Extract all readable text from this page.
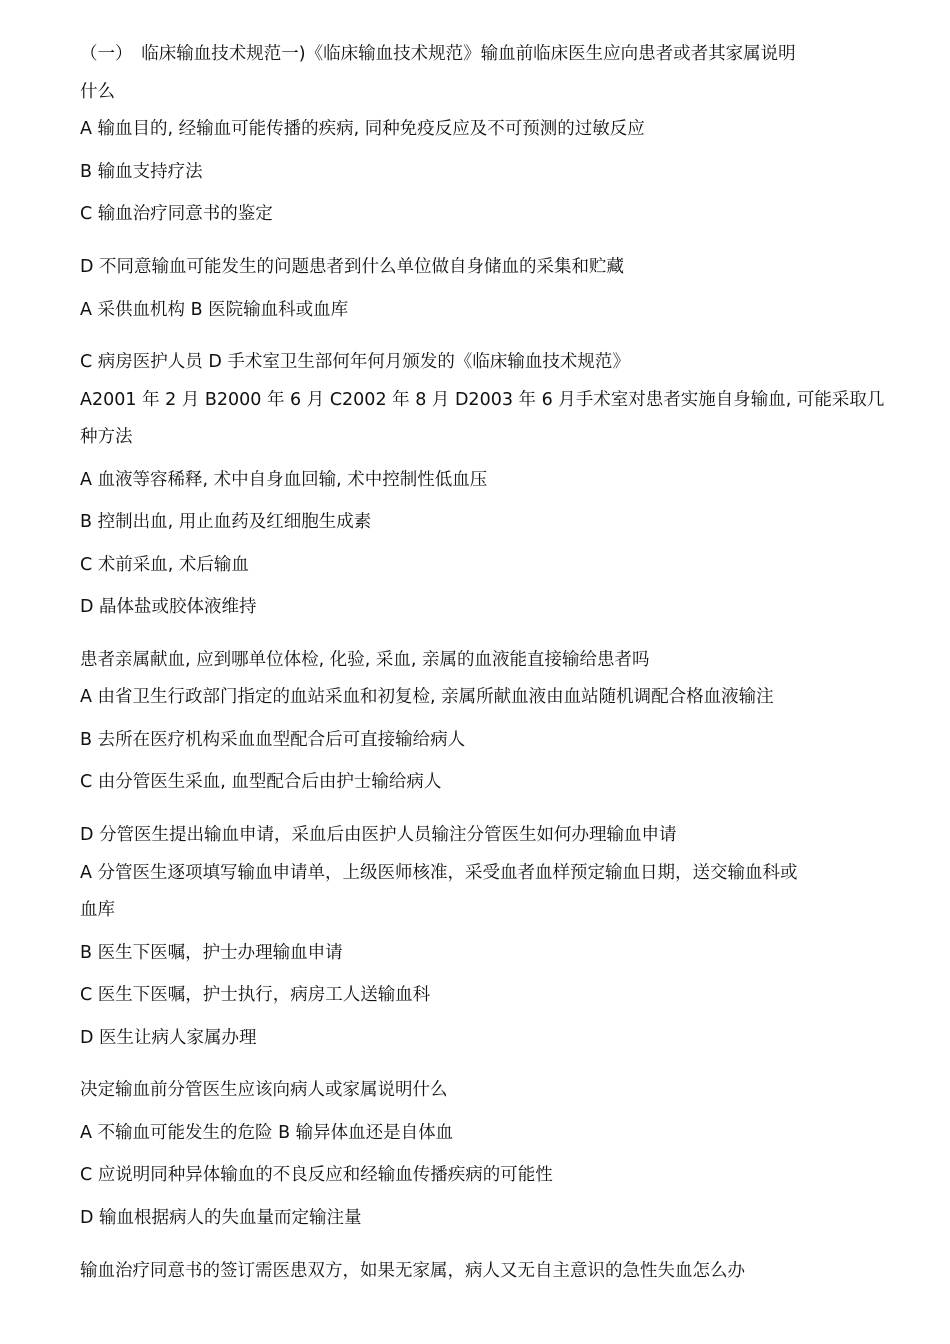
（一）　临床输血技术规范一)《临床输血技术规范》输血前临床医生应向患者或者其家属说明
什么
A 输血目的, 经输血可能传播的疾病, 同种免疫反应及不可预测的过敏反应
B 输血支持疗法
C 输血治疗同意书的鉴定
D 不同意输血可能发生的问题患者到什么单位做自身储血的采集和贮藏
A 采供血机构 B 医院输血科或血库
C 病房医护人员 D 手术室卫生部何年何月颁发的《临床输血技术规范》
A2001 年 2 月 B2000 年 6 月 C2002 年 8 月 D2003 年 6 月手术室对患者实施自身输血, 可能采取几
种方法
A 血液等容稀释, 术中自身血回输, 术中控制性低血压
B 控制出血, 用止血药及红细胞生成素
C 术前采血, 术后输血
D 晶体盐或胶体液维持
患者亲属献血, 应到哪单位体检, 化验, 采血, 亲属的血液能直接输给患者吗
A 由省卫生行政部门指定的血站采血和初复检, 亲属所献血液由血站随机调配合格血液输注
B 去所在医疗机构采血血型配合后可直接输给病人
C 由分管医生采血, 血型配合后由护士输给病人
D 分管医生提出输血申请，采血后由医护人员输注分管医生如何办理输血申请
A 分管医生逐项填写输血申请单，上级医师核准，采受血者血样预定输血日期，送交输血科或
血库
B 医生下医嘱，护士办理输血申请
C 医生下医嘱，护士执行，病房工人送输血科
D 医生让病人家属办理
决定输血前分管医生应该向病人或家属说明什么
A 不输血可能发生的危险 B 输异体血还是自体血
C 应说明同种异体输血的不良反应和经输血传播疾病的可能性
D 输血根据病人的失血量而定输注量
输血治疗同意书的签订需医患双方，如果无家属，病人又无自主意识的急性失血怎么办
